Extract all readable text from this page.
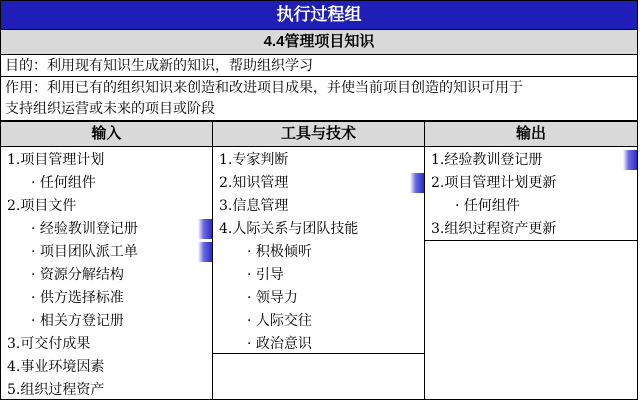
执行过程组
4.4管理项目知识
目的：利用现有知识生成新的知识，帮助组织学习
作用：利用已有的组织知识来创造和改进项目成果，并使当前项目创造的知识可用于
支持组织运营或未来的项目或阶段
输入	工具与技术	输出
1.项目管理计划
· 任何组件
2.项目文件
· 经验教训登记册
· 项目团队派工单
· 资源分解结构
· 供方选择标准
· 相关方登记册
3.可交付成果
4.事业环境因素
5.组织过程资产
1.专家判断
2.知识管理
3.信息管理
4.人际关系与团队技能
· 积极倾听
· 引导
· 领导力
· 人际交往
· 政治意识
1.经验教训登记册
2.项目管理计划更新
· 任何组件
3.组织过程资产更新
